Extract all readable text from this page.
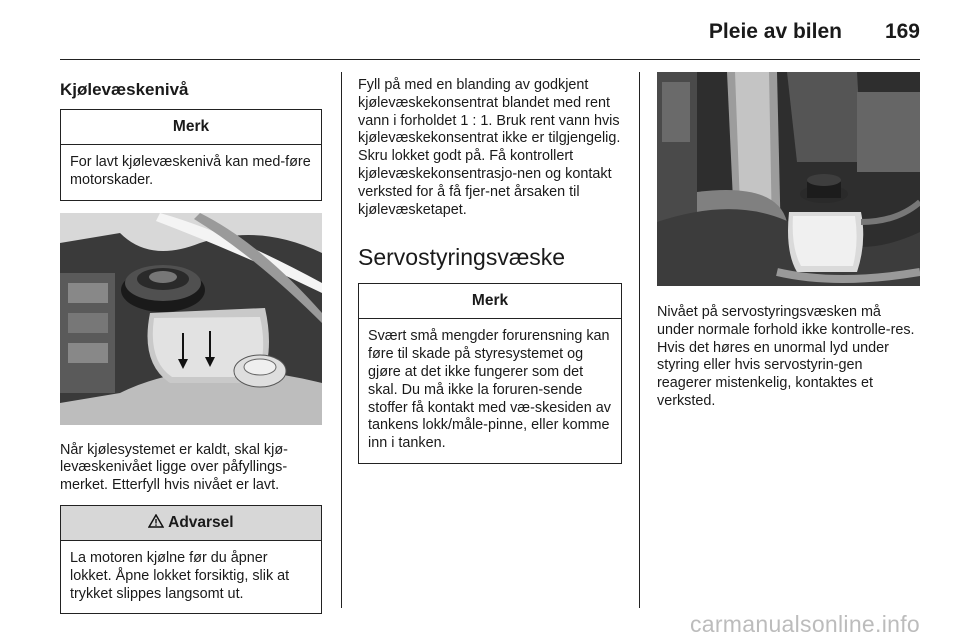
Pleie av bilen 169
Kjølevæskenivå
Merk
For lavt kjølevæskenivå kan med-føre motorskader.

Når kjølesystemet er kaldt, skal kjø-levæskenivået ligge over påfyllings-merket. Etterfyll hvis nivået er lavt.

Advarsel
La motoren kjølne før du åpner lokket. Åpne lokket forsiktig, slik at trykket slippes langsomt ut.

Fyll på med en blanding av godkjent kjølevæskekonsentrat blandet med rent vann i forholdet 1 : 1. Bruk rent vann hvis kjølevæskekonsentrat ikke er tilgjengelig. Skru lokket godt på. Få kontrollert kjølevæskekonsentrasjo-nen og kontakt verksted for å få fjer-net årsaken til kjølevæsketapet.

Servostyringsvæske
Merk
Svært små mengder forurensning kan føre til skade på styresystemet og gjøre at det ikke fungerer som det skal. Du må ikke la foruren-sende stoffer få kontakt med væ-skesiden av tankens lokk/måle-pinne, eller komme inn i tanken.

Nivået på servostyringsvæsken må under normale forhold ikke kontrolle-res. Hvis det høres en unormal lyd under styring eller hvis servostyrin-gen reagerer mistenkelig, kontaktes et verksted.

carmanualsonline.info
